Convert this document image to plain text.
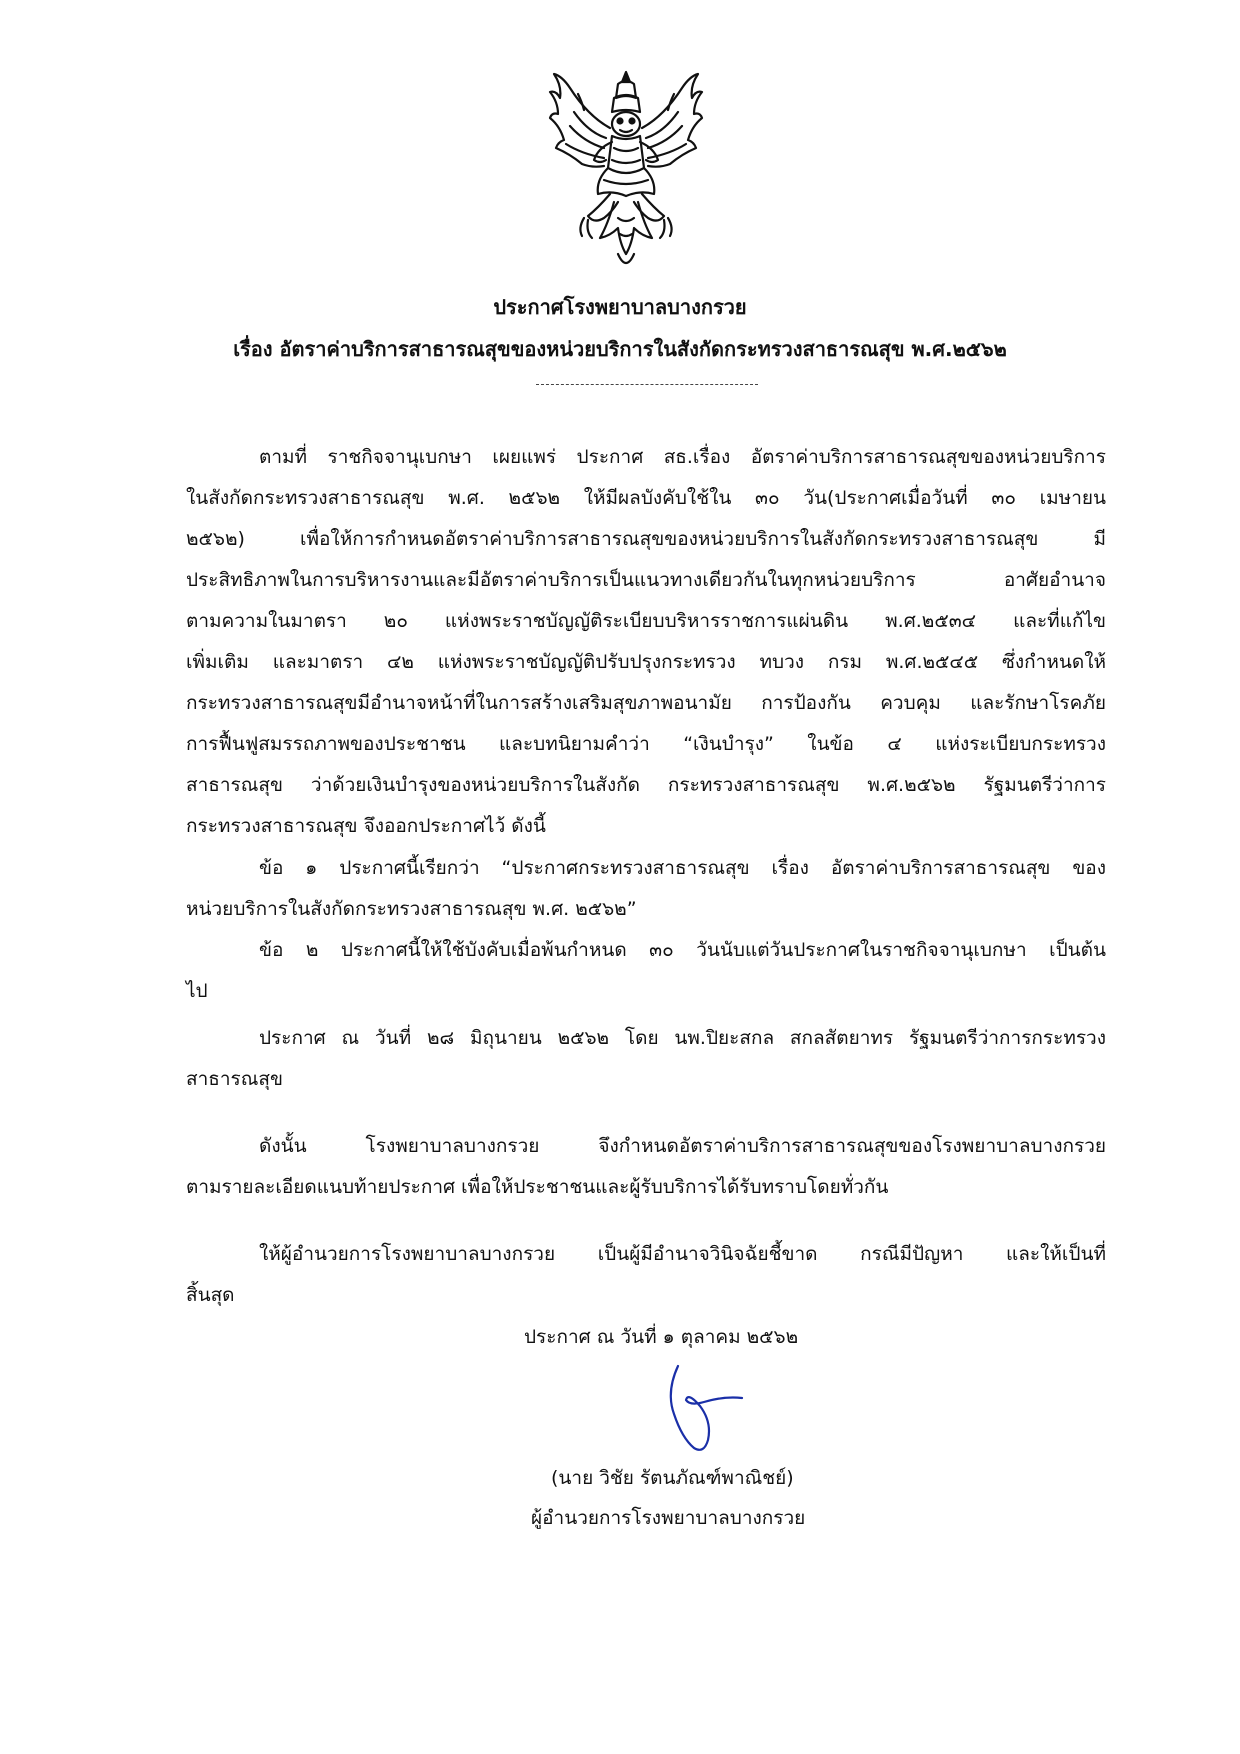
ประกาศโรงพยาบาลบางกรวย
เรื่อง อัตราค่าบริการสาธารณสุขของหน่วยบริการในสังกัดกระทรวงสาธารณสุข พ.ศ.๒๕๖๒
ตามที่ ราชกิจจานุเบกษา เผยแพร่ ประกาศ สธ.เรื่อง อัตราค่าบริการสาธารณสุขของหน่วยบริการ
ในสังกัดกระทรวงสาธารณสุข พ.ศ. ๒๕๖๒ ให้มีผลบังคับใช้ใน ๓๐ วัน(ประกาศเมื่อวันที่ ๓๐ เมษายน
๒๕๖๒) เพื่อให้การกำหนดอัตราค่าบริการสาธารณสุขของหน่วยบริการในสังกัดกระทรวงสาธารณสุข มี
ประสิทธิภาพในการบริหารงานและมีอัตราค่าบริการเป็นแนวทางเดียวกันในทุกหน่วยบริการ อาศัยอำนาจ
ตามความในมาตรา ๒๐ แห่งพระราชบัญญัติระเบียบบริหารราชการแผ่นดิน พ.ศ.๒๕๓๔ และที่แก้ไข
เพิ่มเติม และมาตรา ๔๒ แห่งพระราชบัญญัติปรับปรุงกระทรวง ทบวง กรม พ.ศ.๒๕๔๕ ซึ่งกำหนดให้
กระทรวงสาธารณสุขมีอำนาจหน้าที่ในการสร้างเสริมสุขภาพอนามัย การป้องกัน ควบคุม และรักษาโรคภัย
การฟื้นฟูสมรรถภาพของประชาชน และบทนิยามคำว่า “เงินบำรุง” ในข้อ ๔ แห่งระเบียบกระทรวง
สาธารณสุข ว่าด้วยเงินบำรุงของหน่วยบริการในสังกัด กระทรวงสาธารณสุข พ.ศ.๒๕๖๒ รัฐมนตรีว่าการ
กระทรวงสาธารณสุข จึงออกประกาศไว้ ดังนี้
ข้อ ๑ ประกาศนี้เรียกว่า “ประกาศกระทรวงสาธารณสุข เรื่อง อัตราค่าบริการสาธารณสุข ของ
หน่วยบริการในสังกัดกระทรวงสาธารณสุข พ.ศ. ๒๕๖๒”
ข้อ ๒ ประกาศนี้ให้ใช้บังคับเมื่อพ้นกำหนด ๓๐ วันนับแต่วันประกาศในราชกิจจานุเบกษา เป็นต้น
ไป
ประกาศ ณ วันที่ ๒๘ มิถุนายน ๒๕๖๒ โดย นพ.ปิยะสกล สกลสัตยาทร รัฐมนตรีว่าการกระทรวง
สาธารณสุข
ดังนั้น โรงพยาบาลบางกรวย จึงกำหนดอัตราค่าบริการสาธารณสุขของโรงพยาบาลบางกรวย
ตามรายละเอียดแนบท้ายประกาศ เพื่อให้ประชาชนและผู้รับบริการได้รับทราบโดยทั่วกัน
ให้ผู้อำนวยการโรงพยาบาลบางกรวย เป็นผู้มีอำนาจวินิจฉัยชี้ขาด กรณีมีปัญหา และให้เป็นที่
สิ้นสุด
ประกาศ ณ วันที่ ๑ ตุลาคม ๒๕๖๒
(นาย วิชัย รัตนภัณฑ์พาณิชย์)
ผู้อำนวยการโรงพยาบาลบางกรวย
